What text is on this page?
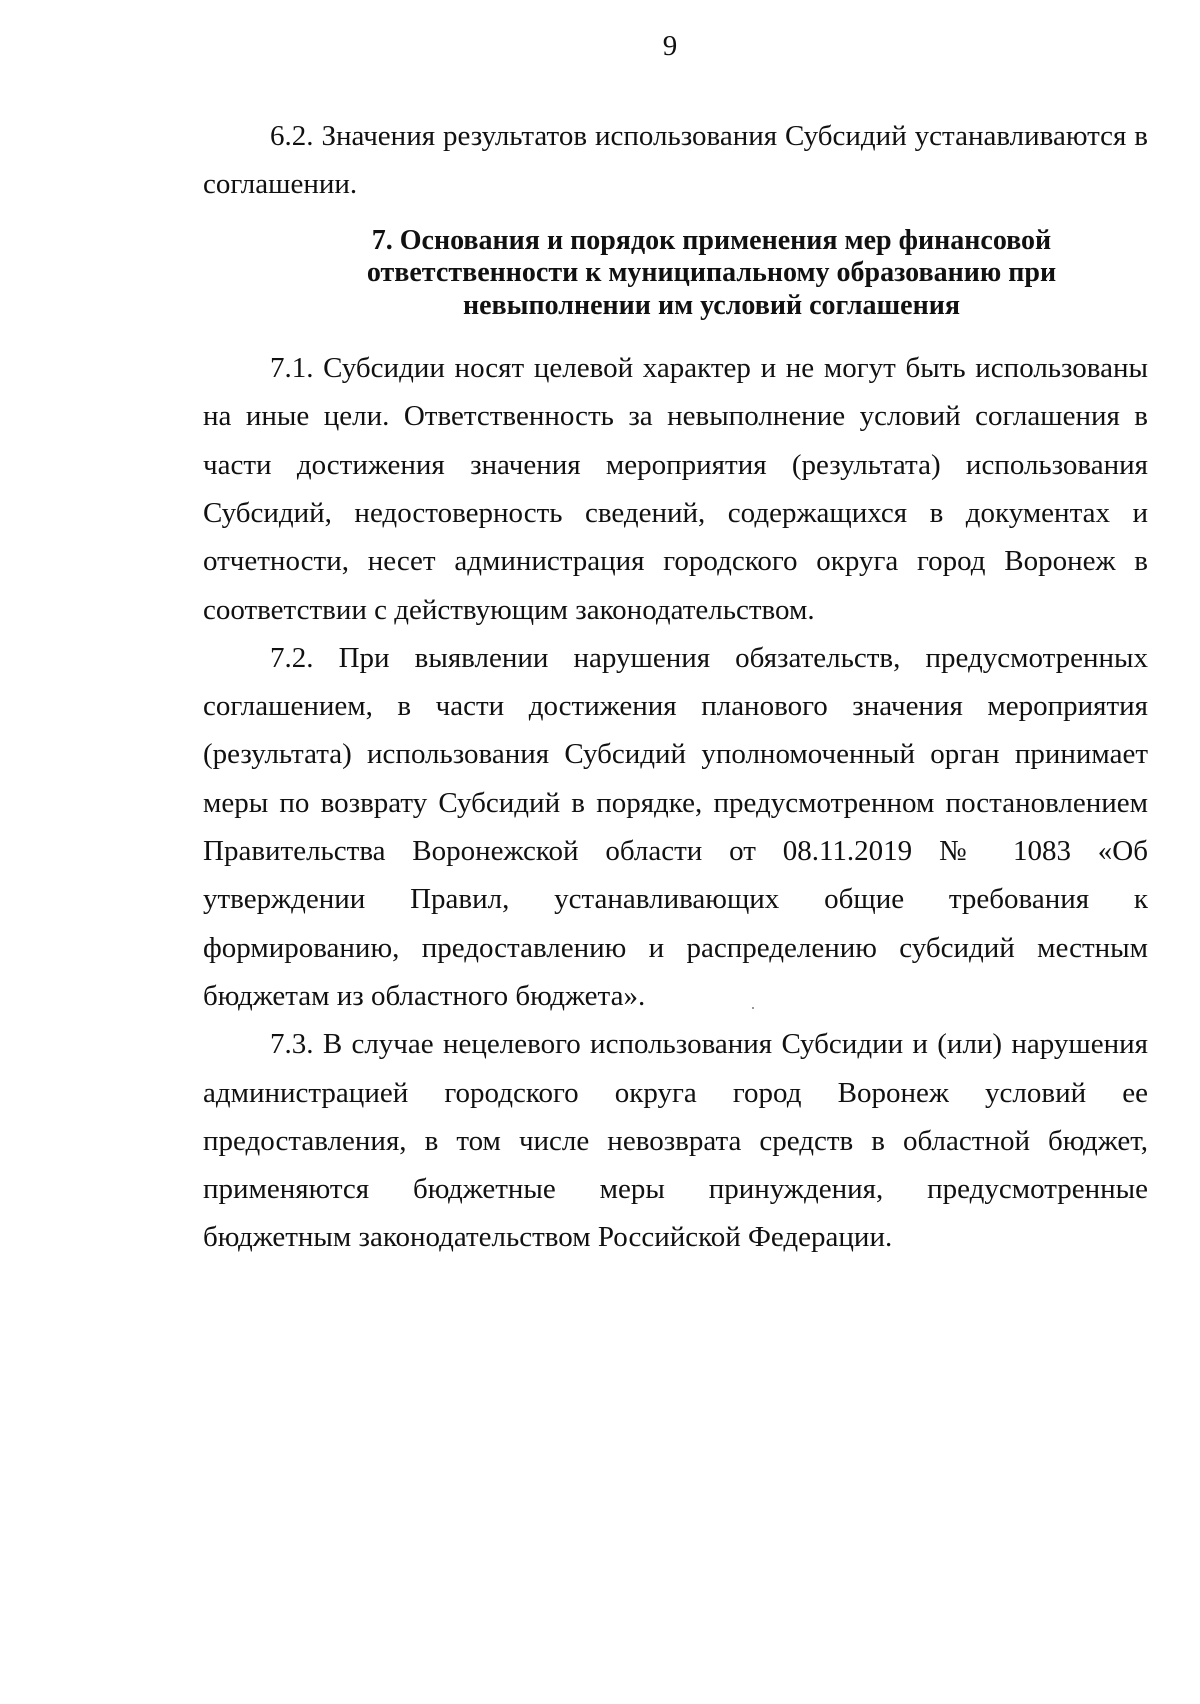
9

6.2. Значения результатов использования Субсидий устанавливаются в соглашении.

7. Основания и порядок применения мер финансовой ответственности к муниципальному образованию при невыполнении им условий соглашения

7.1. Субсидии носят целевой характер и не могут быть использованы на иные цели. Ответственность за невыполнение условий соглашения в части достижения значения мероприятия (результата) использования Субсидий, недостоверность сведений, содержащихся в документах и отчетности, несет администрация городского округа город Воронеж в соответствии с действующим законодательством.

7.2. При выявлении нарушения обязательств, предусмотренных соглашением, в части достижения планового значения мероприятия (результата) использования Субсидий уполномоченный орган принимает меры по возврату Субсидий в порядке, предусмотренном постановлением Правительства Воронежской области от 08.11.2019 № 1083 «Об утверждении Правил, устанавливающих общие требования к формированию, предоставлению и распределению субсидий местным бюджетам из областного бюджета».

7.3. В случае нецелевого использования Субсидии и (или) нарушения администрацией городского округа город Воронеж условий ее предоставления, в том числе невозврата средств в областной бюджет, применяются бюджетные меры принуждения, предусмотренные бюджетным законодательством Российской Федерации.
